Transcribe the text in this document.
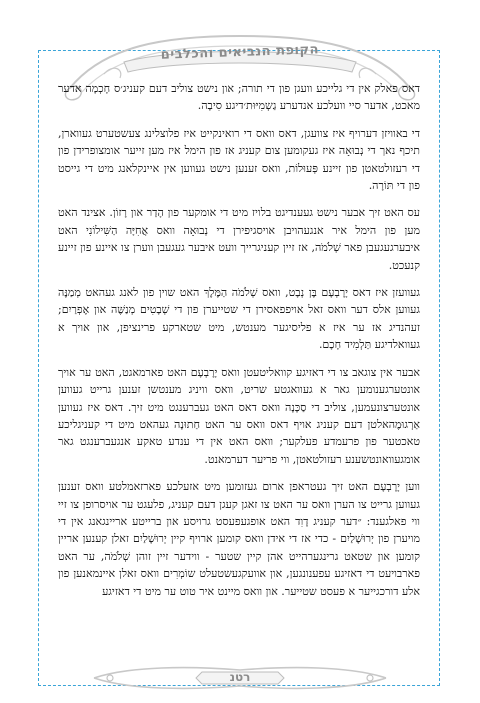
הקופת הנביאים והכלבים

דאס פאלק אין די גלייכע וועגן פון די תורה; און נישט צוליב דעם קעניג׳ס חָכְמָה אדער מאכט, אדער סיי וועלכע אנדערע גַשְמִיּוּת׳דיגע סִיבָה.

די באוויזן דערויף איז צוועגן, דאס וואס די רואינקייט איז פלוצלינג צעשטערט געווארן, תיכף נאך די נְבוּאָה איז געקומען צום קעניג אז פון הימל איז מען זייער אומצופרידן פון די רעזולטאטן פון זיינע פְּעוּלוֹת, וואס זענען נישט געווען אין איינקלאנג מיט די גייסט פון די תּוֹרָה.

עס האט זיך אבער נישט געענדיגט בלויז מיט די אומקער פון הָדַר און רָזוֹן. אצינד האט מען פון הימל איר אנגעהויבן אויסגיפירן די נְבוּאָה וואס אֲחִיָּה הַשִּׁילוֹנִי האט איבערגעגעבן פאר שְׁלֹמֹה, אז זיין קעניגרייך וועט איבער געגעבן ווערן צו איינע פון זיינע קנעכט.

געוועזן איז דאס יָרָבְעָם בֶּן נְבָט, וואס שְׁלֹמֹה הַמֶּלֶךְ האט שוין פון לאנג געהאט מְמַנֶּה געווען אלס דער וואס זאל אויפפאסירן די שטייערן פון די שְׁבָטִים מְנַשֶּׁה און אֶפְרַיִם; זעהנדיג אז ער איז א פליסיגער מענטש, מיט שטארקע פרינציפן, און אויך א געוואלדיגע תַּלְמִיד חָכָם.

אבער אין צוגאב צו די דאזיגע קוואליטעטן וואס יָרָבְעָם האט פארמאגט, האט ער אויך אונטערגענומען גאר א געוואגטע שריט, וואס וויניג מענטשן זענען גרייט געווען אונטערצונעמען, צוליב די סַכָּנָה וואס דאס האט געברענגט מיט זיך. דאס איז געווען אַרְגוּמֶהאלטן דעם קעניג אויף דאס וואס ער האט חַתוּנָה געהאט מיט די קעניגליכע טאכטער פון פרעמדע פעלקער; וואס האט אין די ענדע טאקע אנגעברענגט גאר אומגעוואונטשענע רעזולטאטן, ווי פריער דערמאנט.

ווען יָרָבְעָם האט זיך געטראפן ארום געזומען מיט אזעלכע פארזאמלטע וואס זענען געווען גרייט צו הערן וואס ער האט צו זאגן קעגן דעם קעניג, פלעגט ער אויסרופן צו זיי ווי פאלגענד: ״דער קעניג דָוִד האט אופגעפעסט גרויסע און ברייטע אריינגאנג אין די מויערן פון יְרוּשָׁלַיִם - כדי אז די אידן וואס קומען ארויף קיין יְרוּשָׁלַיִם זאלן קענען אריין קומען און שטאט גרינגערהייט אהן קיין שטער - ווידער זיין זוהן שְׁלֹמֹה, ער האט פארבויעט די דאזיגע עפענונגען, און אוועקגעשטעלט שוֹמְרִים וואס זאלן איינמאנען פון אלע דורכגייער א פעסט שטייער. און וואס מיינט איר טוט ער מיט די דאזיגע

רטנ
